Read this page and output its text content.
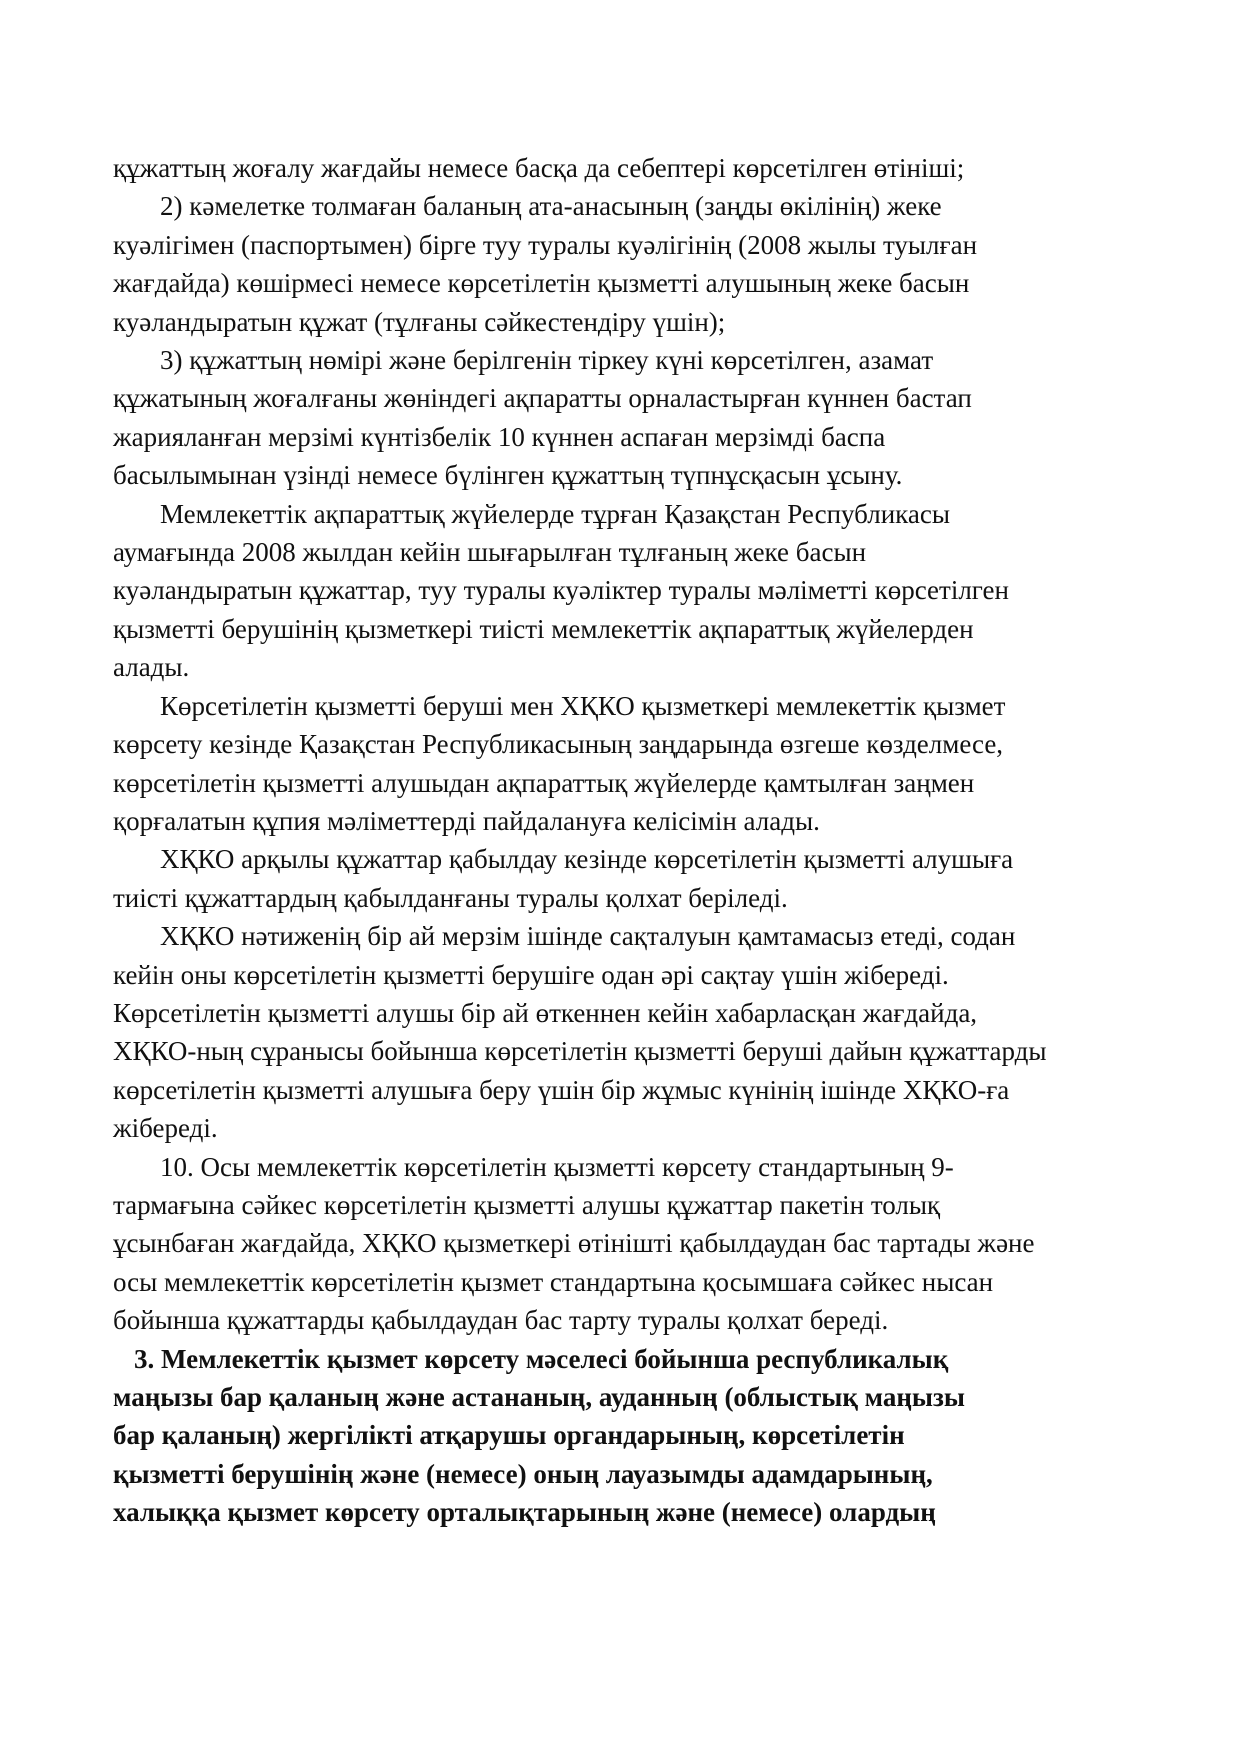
құжаттың жоғалу жағдайы немесе басқа да себептері көрсетілген өтініші;
2) кәмелетке толмаған баланың ата-анасының (заңды өкілінің) жеке
куәлігімен (паспортымен) бірге туу туралы куәлігінің (2008 жылы туылған
жағдайда) көшірмесі немесе көрсетілетін қызметті алушының жеке басын
куәландыратын құжат (тұлғаны сәйкестендіру үшін);
3) құжаттың нөмірі және берілгенін тіркеу күні көрсетілген, азамат
құжатының жоғалғаны жөніндегі ақпаратты орналастырған күннен бастап
жарияланған мерзімі күнтізбелік 10 күннен аспаған мерзімді баспа
басылымынан үзінді немесе бүлінген құжаттың түпнұсқасын ұсыну.
Мемлекеттік ақпараттық жүйелерде тұрған Қазақстан Республикасы
аумағында 2008 жылдан кейін шығарылған тұлғаның жеке басын
куәландыратын құжаттар, туу туралы куәліктер туралы мәліметті көрсетілген
қызметті берушінің қызметкері тиісті мемлекеттік ақпараттық жүйелерден
алады.
Көрсетілетін қызметті беруші мен ХҚКО қызметкері мемлекеттік қызмет
көрсету кезінде Қазақстан Республикасының заңдарында өзгеше көзделмесе,
көрсетілетін қызметті алушыдан ақпараттық жүйелерде қамтылған заңмен
қорғалатын құпия мәліметтерді пайдалануға келісімін алады.
ХҚКО арқылы құжаттар қабылдау кезінде көрсетілетін қызметті алушыға
тиісті құжаттардың қабылданғаны туралы қолхат беріледі.
ХҚКО нәтиженің бір ай мерзім ішінде сақталуын қамтамасыз етеді, содан
кейін оны көрсетілетін қызметті берушіге одан әрі сақтау үшін жібереді.
Көрсетілетін қызметті алушы бір ай өткеннен кейін хабарласқан жағдайда,
ХҚКО-ның сұранысы бойынша көрсетілетін қызметті беруші дайын құжаттарды
көрсетілетін қызметті алушыға беру үшін бір жұмыс күнінің ішінде ХҚКО-ға
жібереді.
10. Осы мемлекеттік көрсетілетін қызметті көрсету стандартының 9-
тармағына сәйкес көрсетілетін қызметті алушы құжаттар пакетін толық
ұсынбаған жағдайда, ХҚКО қызметкері өтінішті қабылдаудан бас тартады және
осы мемлекеттік көрсетілетін қызмет стандартына қосымшаға сәйкес нысан
бойынша құжаттарды қабылдаудан бас тарту туралы қолхат береді.
3. Мемлекеттік қызмет көрсету мәселесі бойынша республикалық
маңызы бар қаланың және астананың, ауданның (облыстық маңызы
бар қаланың) жергілікті атқарушы органдарының, көрсетілетін
қызметті берушінің және (немесе) оның лауазымды адамдарының,
халыққа қызмет көрсету орталықтарының және (немесе) олардың
